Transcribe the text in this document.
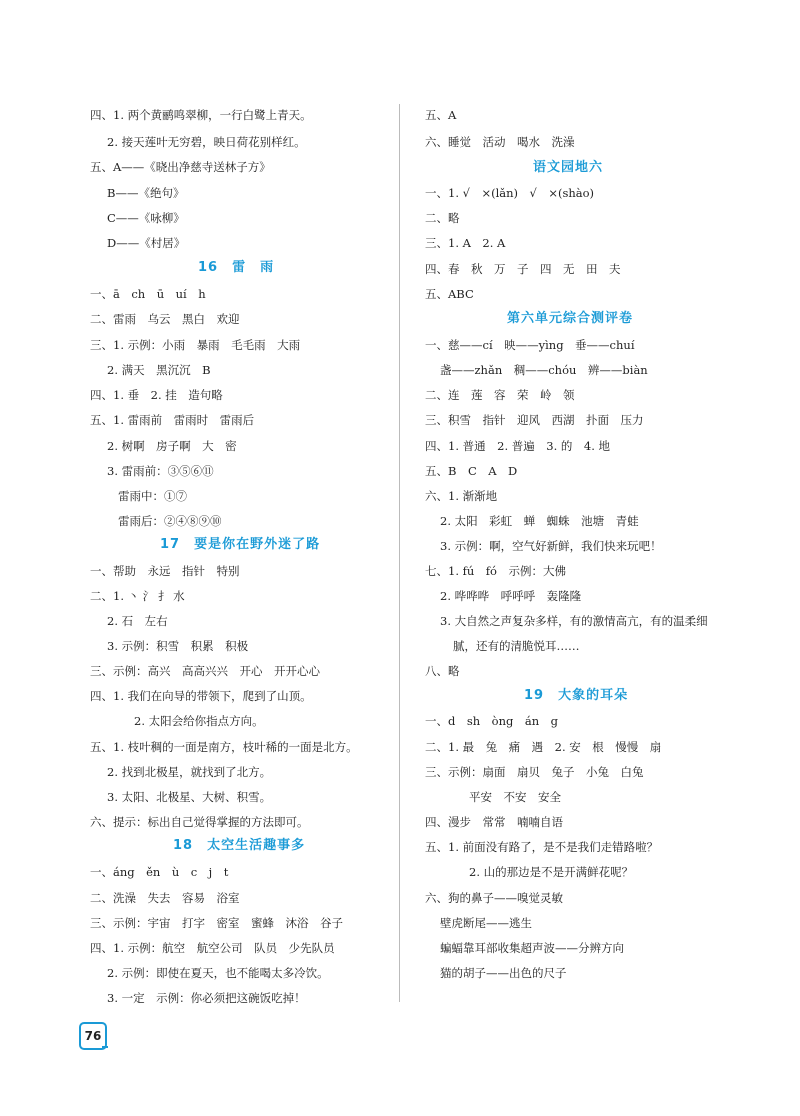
四、1. 两个黄鹂鸣翠柳，一行白鹭上青天。
2. 接天莲叶无穷碧，映日荷花别样红。
五、A——《晓出净慈寺送林子方》
B——《绝句》
C——《咏柳》
D——《村居》
16　雷　雨
一、ā　ch　ū　uí　h
二、雷雨　乌云　黑白　欢迎
三、1. 示例：小雨　暴雨　毛毛雨　大雨
2. 满天　黑沉沉　B
四、1. 垂　2. 挂　造句略
五、1. 雷雨前　雷雨时　雷雨后
2. 树啊　房子啊　大　密
3. 雷雨前：③⑤⑥⑪
雷雨中：①⑦
雷雨后：②④⑧⑨⑩
17　要是你在野外迷了路
一、帮助　永远　指针　特别
二、1. 丶 氵 扌 水
2. 石　左右
3. 示例：积雪　积累　积极
三、示例：高兴　高高兴兴　开心　开开心心
四、1. 我们在向导的带领下，爬到了山顶。
2. 太阳会给你指点方向。
五、1. 枝叶稠的一面是南方，枝叶稀的一面是北方。
2. 找到北极星，就找到了北方。
3. 太阳、北极星、大树、积雪。
六、提示：标出自己觉得掌握的方法即可。
18　太空生活趣事多
一、áng　ěn　ù　c　j　t
二、洗澡　失去　容易　浴室
三、示例：宇宙　打字　密室　蜜蜂　沐浴　谷子
四、1. 示例：航空　航空公司　队员　少先队员
2. 示例：即使在夏天，也不能喝太多冷饮。
3. 一定　示例：你必须把这碗饭吃掉！
五、A
六、睡觉　活动　喝水　洗澡
语文园地六
一、1. √　×(lǎn)　√　×(shào)
二、略
三、1. A　2. A
四、春　秋　万　子　四　无　田　夫
五、ABC
第六单元综合测评卷
一、慈——cí　映——yìng　垂——chuí
盏——zhǎn　稠——chóu　辨——biàn
二、连　莲　容　荣　岭　领
三、积雪　指针　迎风　西湖　扑面　压力
四、1. 普通　2. 普遍　3. 的　4. 地
五、B　C　A　D
六、1. 渐渐地
2. 太阳　彩虹　蝉　蜘蛛　池塘　青蛙
3. 示例：啊，空气好新鲜，我们快来玩吧！
七、1. fú　fó　示例：大佛
2. 哗哗哗　呼呼呼　轰隆隆
3. 大自然之声复杂多样，有的激情高亢，有的温柔细
腻，还有的清脆悦耳……
八、略
19　大象的耳朵
一、d　sh　òng　án　g
二、1. 最　兔　痛　遇　2. 安　根　慢慢　扇
三、示例：扇面　扇贝　兔子　小兔　白兔
平安　不安　安全
四、漫步　常常　喃喃自语
五、1. 前面没有路了，是不是我们走错路啦？
2. 山的那边是不是开满鲜花呢？
六、狗的鼻子——嗅觉灵敏
壁虎断尾——逃生
蝙蝠靠耳部收集超声波——分辨方向
猫的胡子——出色的尺子
76
